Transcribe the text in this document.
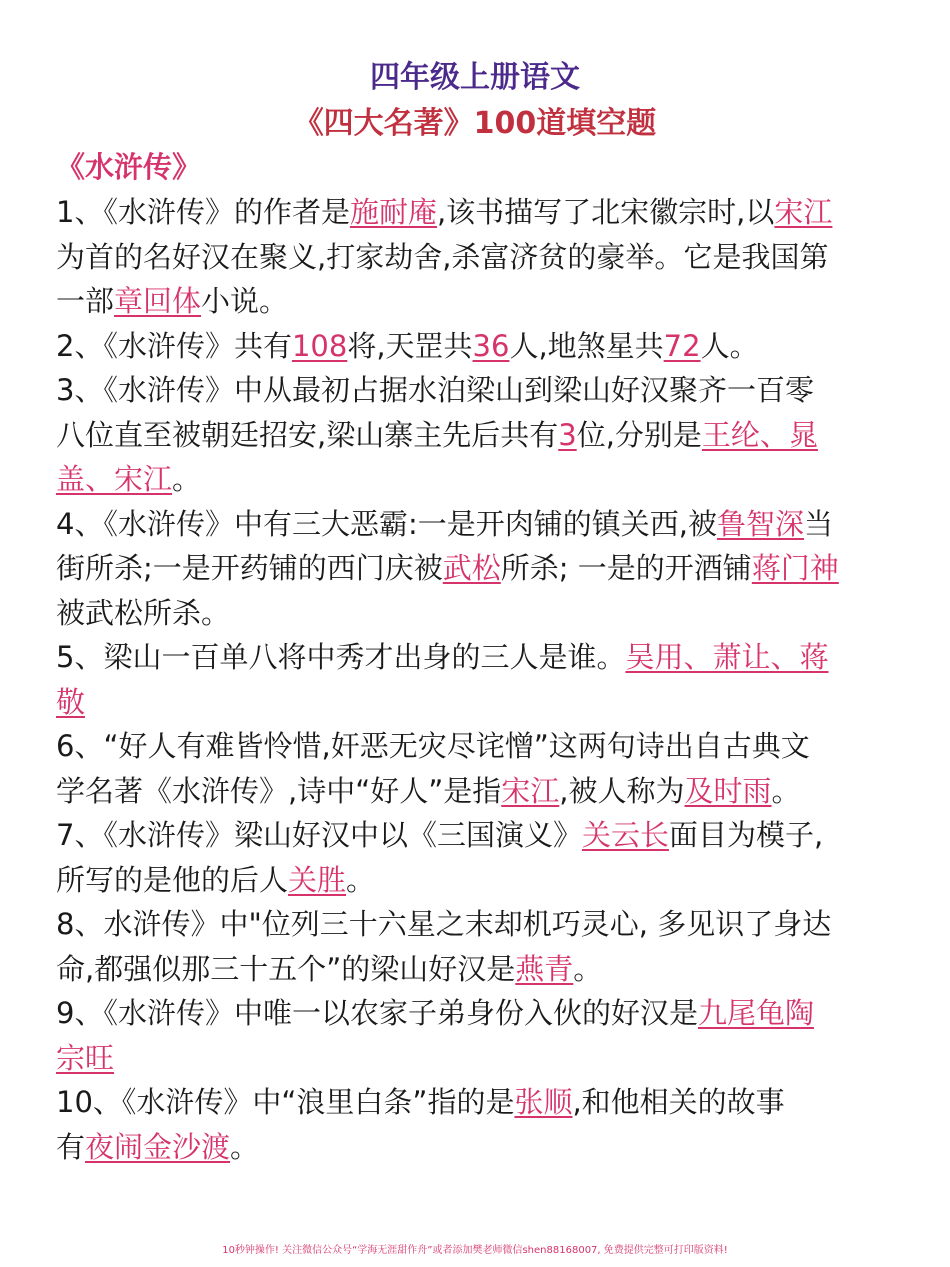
四年级上册语文
《四大名著》100道填空题
《水浒传》
1、《水浒传》的作者是施耐庵,该书描写了北宋徽宗时,以宋江
为首的名好汉在聚义,打家劫舍,杀富济贫的豪举。它是我国第
一部章回体小说。
2、《水浒传》共有108将,天罡共36人,地煞星共72人。
3、《水浒传》中从最初占据水泊梁山到梁山好汉聚齐一百零
八位直至被朝廷招安,梁山寨主先后共有3位,分别是王纶、晁
盖、宋江。
4、《水浒传》中有三大恶霸:一是开肉铺的镇关西,被鲁智深当
街所杀;一是开药铺的西门庆被武松所杀; 一是的开酒铺蒋门神
被武松所杀。
5、梁山一百单八将中秀才出身的三人是谁。吴用、萧让、蒋
敬
6、“好人有难皆怜惜,奸恶无灾尽诧憎”这两句诗出自古典文
学名著《水浒传》,诗中“好人”是指宋江,被人称为及时雨。
7、《水浒传》梁山好汉中以《三国演义》关云长面目为模子,
所写的是他的后人关胜。
8、水浒传》中"位列三十六星之末却机巧灵心, 多见识了身达
命,都强似那三十五个”的梁山好汉是燕青。
9、《水浒传》中唯一以农家子弟身份入伙的好汉是九尾龟陶
宗旺
10、《水浒传》中“浪里白条”指的是张顺,和他相关的故事
有夜闹金沙渡。
10秒钟操作! 关注微信公众号“学海无涯甜作舟”或者添加樊老师微信shen88168007, 免费提供完整可打印版资料!
